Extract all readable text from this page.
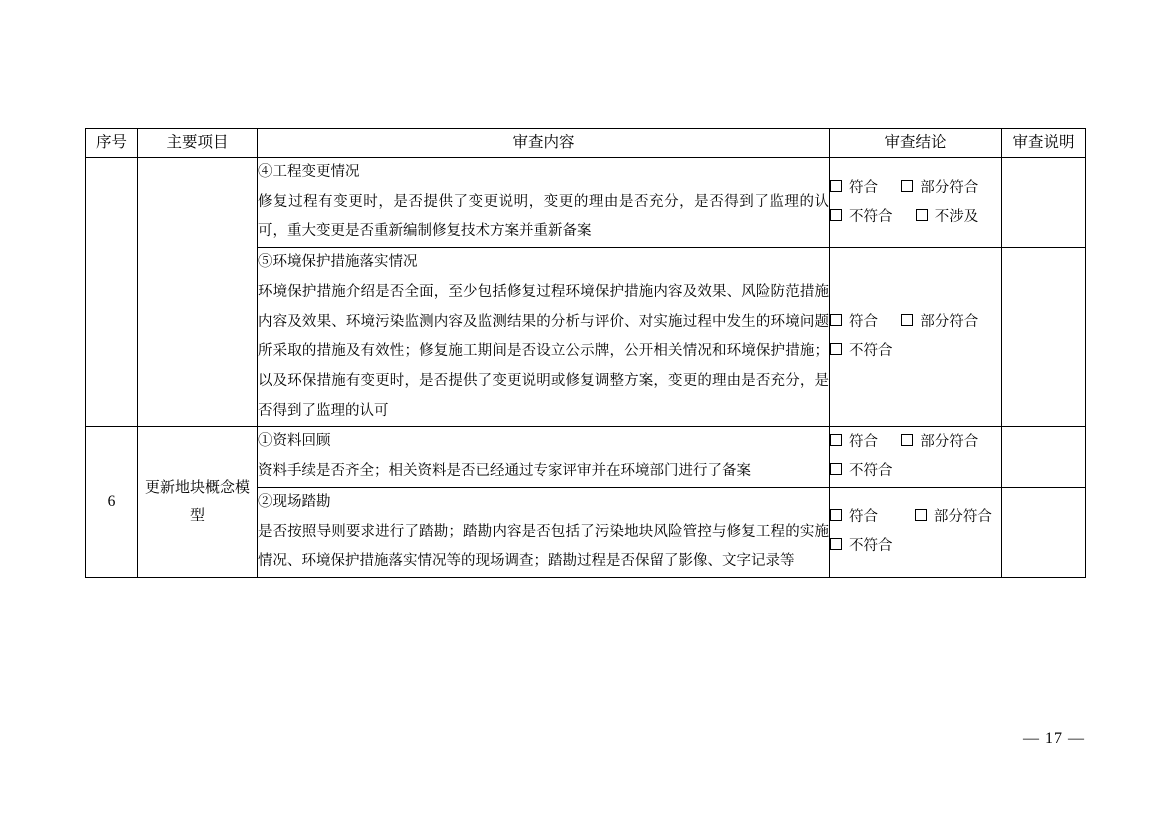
序号	主要项目	审查内容	审查结论	审查说明

		④工程变更情况
修复过程有变更时，是否提供了变更说明，变更的理由是否充分，是否得到了监理的认可，重大变更是否重新编制修复技术方案并重新备案	符合 部分符合 不符合 不涉及	

		⑤环境保护措施落实情况
环境保护措施介绍是否全面，至少包括修复过程环境保护措施内容及效果、风险防范措施内容及效果、环境污染监测内容及监测结果的分析与评价、对实施过程中发生的环境问题所采取的措施及有效性；修复施工期间是否设立公示牌，公开相关情况和环境保护措施；以及环保措施有变更时，是否提供了变更说明或修复调整方案，变更的理由是否充分，是否得到了监理的认可	符合 部分符合 不符合	
6	更新地块概念模型	①资料回顾
资料手续是否齐全；相关资料是否已经通过专家评审并在环境部门进行了备案	符合 部分符合 不符合	

		②现场踏勘
是否按照导则要求进行了踏勘；踏勘内容是否包括了污染地块风险管控与修复工程的实施情况、环境保护措施落实情况等的现场调查；踏勘过程是否保留了影像、文字记录等	符合 部分符合 不符合	
— 17 —
